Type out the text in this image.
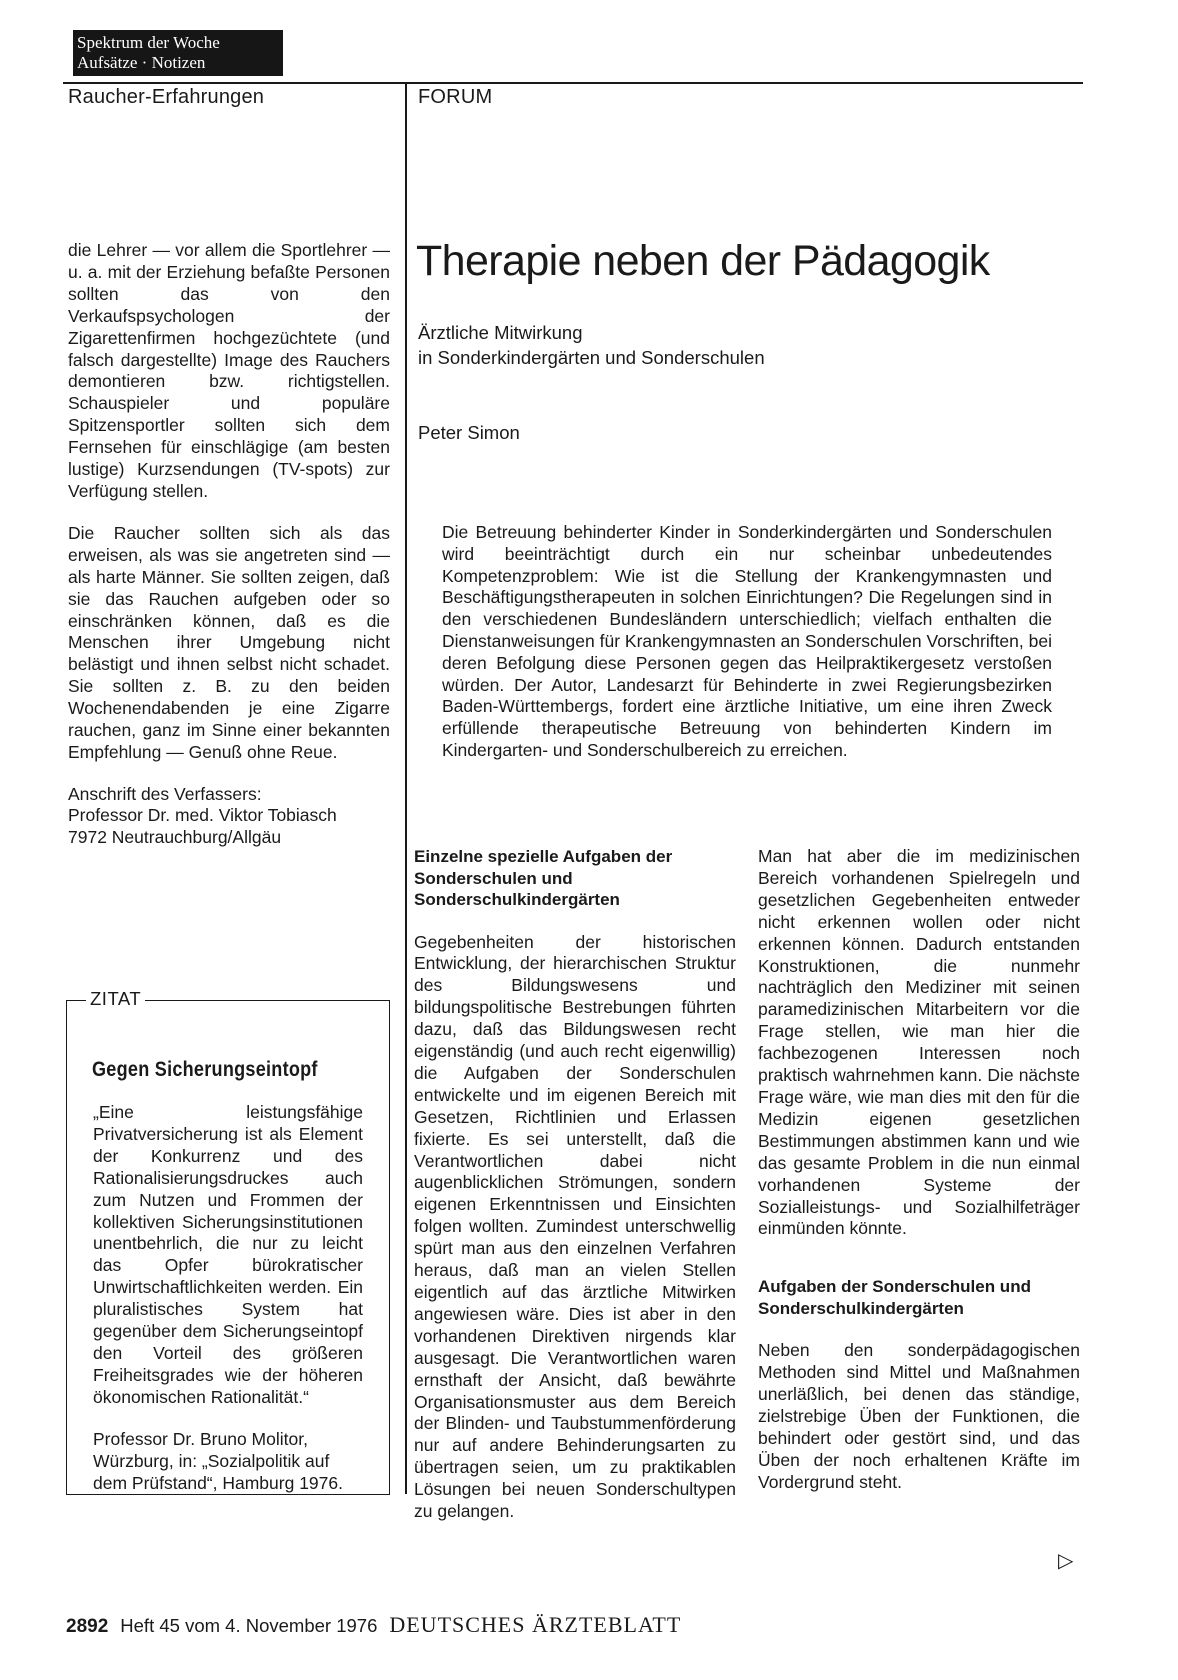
Spektrum der Woche
Aufsätze · Notizen
Raucher-Erfahrungen

die Lehrer — vor allem die Sportlehrer — u. a. mit der Erziehung befaßte Personen sollten das von den Verkaufspsychologen der Zigarettenfirmen hochgezüchtete (und falsch dargestellte) Image des Rauchers demontieren bzw. richtigstellen. Schauspieler und populäre Spitzensportler sollten sich dem Fernsehen für einschlägige (am besten lustige) Kurzsendungen (TV-spots) zur Verfügung stellen.

Die Raucher sollten sich als das erweisen, als was sie angetreten sind — als harte Männer. Sie sollten zeigen, daß sie das Rauchen aufgeben oder so einschränken können, daß es die Menschen ihrer Umgebung nicht belästigt und ihnen selbst nicht schadet. Sie sollten z. B. zu den beiden Wochenendabenden je eine Zigarre rauchen, ganz im Sinne einer bekannten Empfehlung — Genuß ohne Reue.

Anschrift des Verfassers:
Professor Dr. med. Viktor Tobiasch
7972 Neutrauchburg/Allgäu
ZITAT
Gegen Sicherungseintopf

„Eine leistungsfähige Privatversicherung ist als Element der Konkurrenz und des Rationalisierungsdruckes auch zum Nutzen und Frommen der kollektiven Sicherungsinstitutionen unentbehrlich, die nur zu leicht das Opfer bürokratischer Unwirtschaftlichkeiten werden. Ein pluralistisches System hat gegenüber dem Sicherungseintopf den Vorteil des größeren Freiheitsgrades wie der höheren ökonomischen Rationalität.“

Professor Dr. Bruno Molitor, Würzburg, in: „Sozialpolitik auf dem Prüfstand“, Hamburg 1976.

FORUM
Therapie neben der Pädagogik
Ärztliche Mitwirkung
in Sonderkindergärten und Sonderschulen
Peter Simon

Die Betreuung behinderter Kinder in Sonderkindergärten und Sonderschulen wird beeinträchtigt durch ein nur scheinbar unbedeutendes Kompetenzproblem: Wie ist die Stellung der Krankengymnasten und Beschäftigungstherapeuten in solchen Einrichtungen? Die Regelungen sind in den verschiedenen Bundesländern unterschiedlich; vielfach enthalten die Dienstanweisungen für Krankengymnasten an Sonderschulen Vorschriften, bei deren Befolgung diese Personen gegen das Heilpraktikergesetz verstoßen würden. Der Autor, Landesarzt für Behinderte in zwei Regierungsbezirken Baden-Württembergs, fordert eine ärztliche Initiative, um eine ihren Zweck erfüllende therapeutische Betreuung von behinderten Kindern im Kindergarten- und Sonderschulbereich zu erreichen.

Einzelne spezielle Aufgaben der Sonderschulen und Sonderschulkindergärten

Gegebenheiten der historischen Entwicklung, der hierarchischen Struktur des Bildungswesens und bildungspolitische Bestrebungen führten dazu, daß das Bildungswesen recht eigenständig (und auch recht eigenwillig) die Aufgaben der Sonderschulen entwickelte und im eigenen Bereich mit Gesetzen, Richtlinien und Erlassen fixierte. Es sei unterstellt, daß die Verantwortlichen dabei nicht augenblicklichen Strömungen, sondern eigenen Erkenntnissen und Einsichten folgen wollten. Zumindest unterschwellig spürt man aus den einzelnen Verfahren heraus, daß man an vielen Stellen eigentlich auf das ärztliche Mitwirken angewiesen wäre. Dies ist aber in den vorhandenen Direktiven nirgends klar ausgesagt. Die Verantwortlichen waren ernsthaft der Ansicht, daß bewährte Organisationsmuster aus dem Bereich der Blinden- und Taubstummenförderung nur auf andere Behinderungsarten zu übertragen seien, um zu praktikablen Lösungen bei neuen Sonderschultypen zu gelangen.

Man hat aber die im medizinischen Bereich vorhandenen Spielregeln und gesetzlichen Gegebenheiten entweder nicht erkennen wollen oder nicht erkennen können. Dadurch entstanden Konstruktionen, die nunmehr nachträglich den Mediziner mit seinen paramedizinischen Mitarbeitern vor die Frage stellen, wie man hier die fachbezogenen Interessen noch praktisch wahrnehmen kann. Die nächste Frage wäre, wie man dies mit den für die Medizin eigenen gesetzlichen Bestimmungen abstimmen kann und wie das gesamte Problem in die nun einmal vorhandenen Systeme der Sozialleistungs- und Sozialhilfeträger einmünden könnte.

Aufgaben der Sonderschulen und Sonderschulkindergärten

Neben den sonderpädagogischen Methoden sind Mittel und Maßnahmen unerläßlich, bei denen das ständige, zielstrebige Üben der Funktionen, die behindert oder gestört sind, und das Üben der noch erhaltenen Kräfte im Vordergrund steht.

▷
2892 Heft 45 vom 4. November 1976 DEUTSCHES ÄRZTEBLATT
